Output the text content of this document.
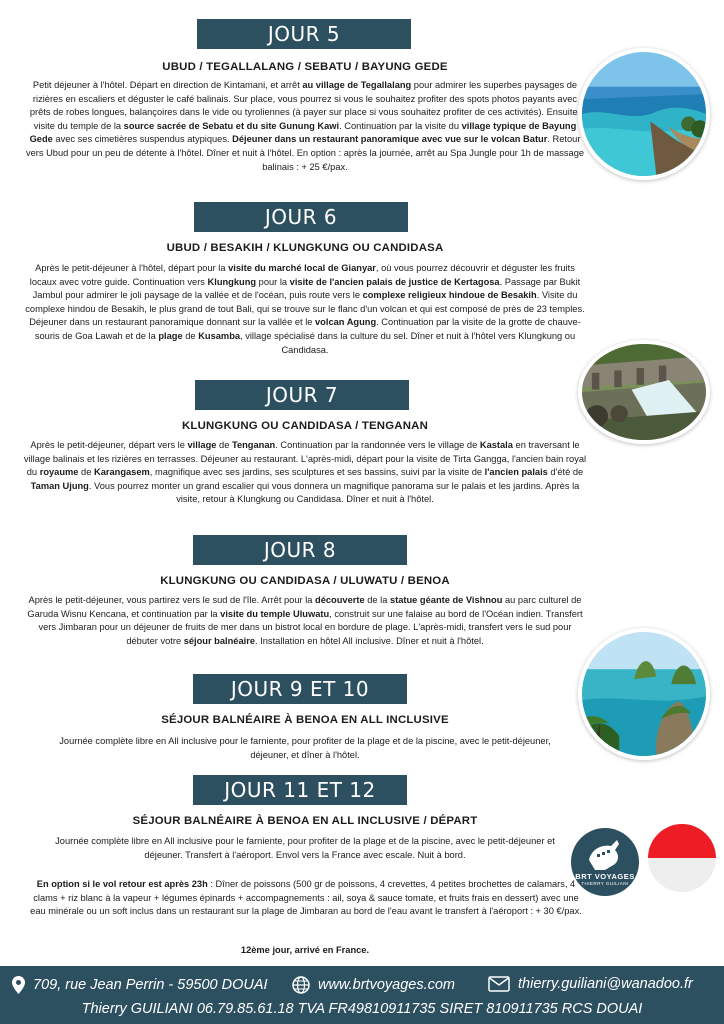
JOUR 5
UBUD / TEGALLALANG / SEBATU / BAYUNG GEDE
Petit déjeuner à l'hôtel. Départ en direction de Kintamani, et arrêt au village de Tegallalang pour admirer les superbes paysages de rizières en escaliers et déguster le café balinais. Sur place, vous pourrez si vous le souhaitez profiter des spots photos payants avec prêts de robes longues, balançoires dans le vide ou tyroliennes (à payer sur place si vous souhaitez profiter de ces activités). Ensuite, visite du temple de la source sacrée de Sebatu et du site Gunung Kawi. Continuation par la visite du village typique de Bayung Gede avec ses cimetières suspendus atypiques. Déjeuner dans un restaurant panoramique avec vue sur le volcan Batur. Retour vers Ubud pour un peu de détente à l'hôtel. Dîner et nuit à l'hôtel. En option : après la journée, arrêt au Spa Jungle pour 1h de massage balinais : + 25 €/pax.
JOUR 6
UBUD / BESAKIH / KLUNGKUNG OU CANDIDASA
Après le petit-déjeuner à l'hôtel, départ pour la visite du marché local de Gianyar, où vous pourrez découvrir et déguster les fruits locaux avec votre guide. Continuation vers Klungkung pour la visite de l'ancien palais de justice de Kertagosa. Passage par Bukit Jambul pour admirer le joli paysage de la vallée et de l'océan, puis route vers le complexe religieux hindoue de Besakih. Visite du complexe hindou de Besakih, le plus grand de tout Bali, qui se trouve sur le flanc d'un volcan et qui est composé de près de 23 temples. Déjeuner dans un restaurant panoramique donnant sur la vallée et le volcan Agung. Continuation par la visite de la grotte de chauve-souris de Goa Lawah et de la plage de Kusamba, village spécialisé dans la culture du sel. Dîner et nuit à l'hôtel vers Klungkung ou Candidasa.
JOUR 7
KLUNGKUNG OU CANDIDASA / TENGANAN
Après le petit-déjeuner, départ vers le village de Tenganan. Continuation par la randonnée vers le village de Kastala en traversant le village balinais et les rizières en terrasses. Déjeuner au restaurant. L'après-midi, départ pour la visite de Tirta Gangga, l'ancien bain royal du royaume de Karangasem, magnifique avec ses jardins, ses sculptures et ses bassins, suivi par la visite de l'ancien palais d'été de Taman Ujung. Vous pourrez monter un grand escalier qui vous donnera un magnifique panorama sur le palais et les jardins. Après la visite, retour à Klungkung ou Candidasa. Dîner et nuit à l'hôtel.
JOUR 8
KLUNGKUNG OU CANDIDASA / ULUWATU / BENOA
Après le petit-déjeuner, vous partirez vers le sud de l'île. Arrêt pour la découverte de la statue géante de Vishnou au parc culturel de Garuda Wisnu Kencana, et continuation par la visite du temple Uluwatu, construit sur une falaise au bord de l'Océan indien. Transfert vers Jimbaran pour un déjeuner de fruits de mer dans un bistrot local en bordure de plage. L'après-midi, transfert vers le sud pour débuter votre séjour balnéaire. Installation en hôtel All inclusive. Dîner et nuit à l'hôtel.
JOUR 9 ET 10
SÉJOUR BALNÉAIRE À BENOA EN ALL INCLUSIVE
Journée complète libre en All inclusive pour le farniente, pour profiter de la plage et de la piscine, avec le petit-déjeuner, déjeuner, et dîner à l'hôtel.
JOUR 11 ET 12
SÉJOUR BALNÉAIRE À BENOA EN ALL INCLUSIVE / DÉPART
Journée complète libre en All inclusive pour le farniente, pour profiter de la plage et de la piscine, avec le petit-déjeuner et déjeuner. Transfert à l'aéroport. Envol vers la France avec escale. Nuit à bord.
En option si le vol retour est après 23h : Dîner de poissons (500 gr de poissons, 4 crevettes, 4 petites brochettes de calamars, 4 clams + riz blanc à la vapeur + légumes épinards + accompagnements : ail, soya & sauce tomate, et fruits frais en dessert) avec une eau minérale ou un soft inclus dans un restaurant sur la plage de Jimbaran au bord de l'eau avant le transfert à l'aéroport : + 30 €/pax.
12ème jour, arrivé en France.
BRT VOYAGES
THIERRY GUILIANI
709, rue Jean Perrin - 59500 DOUAI	www.brtvoyages.com	thierry.guiliani@wanadoo.fr
Thierry GUILIANI 06.79.85.61.18 TVA FR49810911735 SIRET 810911735 RCS DOUAI
